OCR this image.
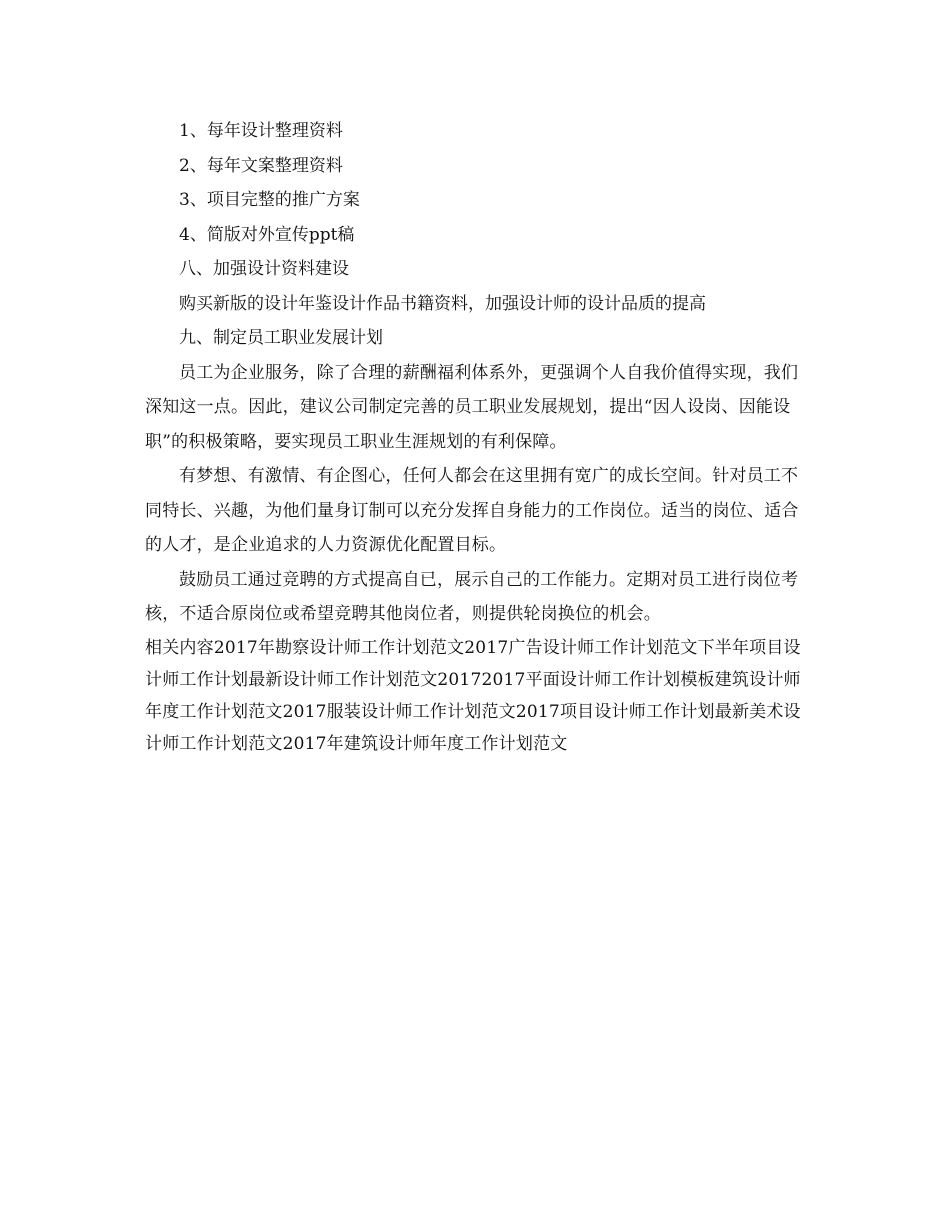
1、每年设计整理资料

2、每年文案整理资料

3、项目完整的推广方案

4、简版对外宣传ppt稿

八、加强设计资料建设

购买新版的设计年鉴设计作品书籍资料，加强设计师的设计品质的提高

九、制定员工职业发展计划

员工为企业服务，除了合理的薪酬福利体系外，更强调个人自我价值得实现，我们深知这一点。因此，建议公司制定完善的员工职业发展规划，提出“因人设岗、因能设职”的积极策略，要实现员工职业生涯规划的有利保障。

有梦想、有激情、有企图心，任何人都会在这里拥有宽广的成长空间。针对员工不同特长、兴趣，为他们量身订制可以充分发挥自身能力的工作岗位。适当的岗位、适合的人才，是企业追求的人力资源优化配置目标。

鼓励员工通过竞聘的方式提高自已，展示自己的工作能力。定期对员工进行岗位考核，不适合原岗位或希望竞聘其他岗位者，则提供轮岗换位的机会。

相关内容2017年勘察设计师工作计划范文2017广告设计师工作计划范文下半年项目设计师工作计划最新设计师工作计划范文20172017平面设计师工作计划模板建筑设计师年度工作计划范文2017服装设计师工作计划范文2017项目设计师工作计划最新美术设计师工作计划范文2017年建筑设计师年度工作计划范文
